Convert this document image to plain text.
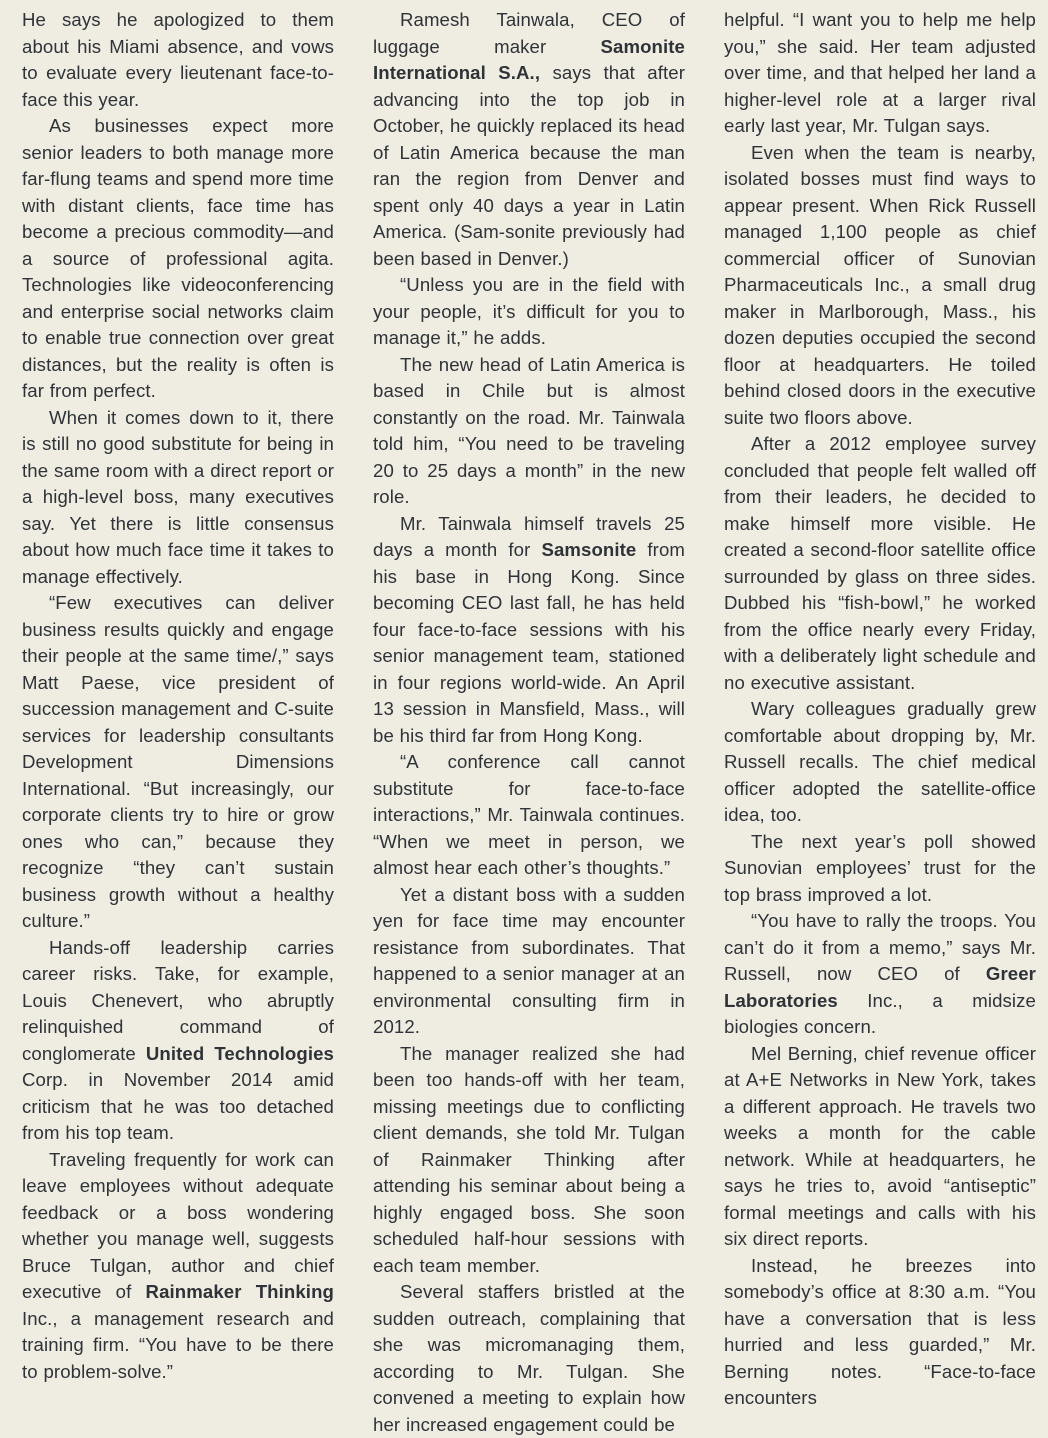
He says he apologized to them about his Miami absence, and vows to evaluate every lieutenant face-to-face this year.

As businesses expect more senior leaders to both manage more far-flung teams and spend more time with distant clients, face time has become a precious commodity—and a source of professional agita. Technologies like videoconferencing and enterprise social networks claim to enable true connection over great distances, but the reality is often is far from perfect.

When it comes down to it, there is still no good substitute for being in the same room with a direct report or a high-level boss, many executives say. Yet there is little consensus about how much face time it takes to manage effectively.

“Few executives can deliver business results quickly and engage their people at the same time/,” says Matt Paese, vice president of succession management and C-suite services for leadership consultants Development Dimensions International. “But increasingly, our corporate clients try to hire or grow ones who can,” because they recognize “they can’t sustain business growth without a healthy culture.”

Hands-off leadership carries career risks. Take, for example, Louis Chenevert, who abruptly relinquished command of conglomerate United Technologies Corp. in November 2014 amid criticism that he was too detached from his top team.

Traveling frequently for work can leave employees without adequate feedback or a boss wondering whether you manage well, suggests Bruce Tulgan, author and chief executive of Rainmaker Thinking Inc., a management research and training firm. “You have to be there to problem-solve.”

Ramesh Tainwala, CEO of luggage maker Samonite International S.A., says that after advancing into the top job in October, he quickly replaced its head of Latin America because the man ran the region from Denver and spent only 40 days a year in Latin America. (Sam-sonite previously had been based in Denver.)

“Unless you are in the field with your people, it’s difficult for you to manage it,” he adds.

The new head of Latin America is based in Chile but is almost constantly on the road. Mr. Tainwala told him, “You need to be traveling 20 to 25 days a month” in the new role.

Mr. Tainwala himself travels 25 days a month for Samsonite from his base in Hong Kong. Since becoming CEO last fall, he has held four face-to-face sessions with his senior management team, stationed in four regions world-wide. An April 13 session in Mansfield, Mass., will be his third far from Hong Kong.

“A conference call cannot substitute for face-to-face interactions,” Mr. Tainwala continues. “When we meet in person, we almost hear each other’s thoughts.”

Yet a distant boss with a sudden yen for face time may encounter resistance from subordinates. That happened to a senior manager at an environmental consulting firm in 2012.

The manager realized she had been too hands-off with her team, missing meetings due to conflicting client demands, she told Mr. Tulgan of Rainmaker Thinking after attending his seminar about being a highly engaged boss. She soon scheduled half-hour sessions with each team member.

Several staffers bristled at the sudden outreach, complaining that she was micromanaging them, according to Mr. Tulgan. She convened a meeting to explain how her increased engagement could be

helpful. “I want you to help me help you,” she said. Her team adjusted over time, and that helped her land a higher-level role at a larger rival early last year, Mr. Tulgan says.

Even when the team is nearby, isolated bosses must find ways to appear present. When Rick Russell managed 1,100 people as chief commercial officer of Sunovian Pharmaceuticals Inc., a small drug maker in Marlborough, Mass., his dozen deputies occupied the second floor at headquarters. He toiled behind closed doors in the executive suite two floors above.

After a 2012 employee survey concluded that people felt walled off from their leaders, he decided to make himself more visible. He created a second-floor satellite office surrounded by glass on three sides. Dubbed his “fish-bowl,” he worked from the office nearly every Friday, with a deliberately light schedule and no executive assistant.

Wary colleagues gradually grew comfortable about dropping by, Mr. Russell recalls. The chief medical officer adopted the satellite-office idea, too.

The next year’s poll showed Sunovian employees’ trust for the top brass improved a lot.

“You have to rally the troops. You can’t do it from a memo,” says Mr. Russell, now CEO of Greer Laboratories Inc., a midsize biologies concern.

Mel Berning, chief revenue officer at A+E Networks in New York, takes a different approach. He travels two weeks a month for the cable network. While at headquarters, he says he tries to, avoid “antiseptic” formal meetings and calls with his six direct reports.

Instead, he breezes into somebody’s office at 8:30 a.m. “You have a conversation that is less hurried and less guarded,” Mr. Berning notes. “Face-to-face encounters
